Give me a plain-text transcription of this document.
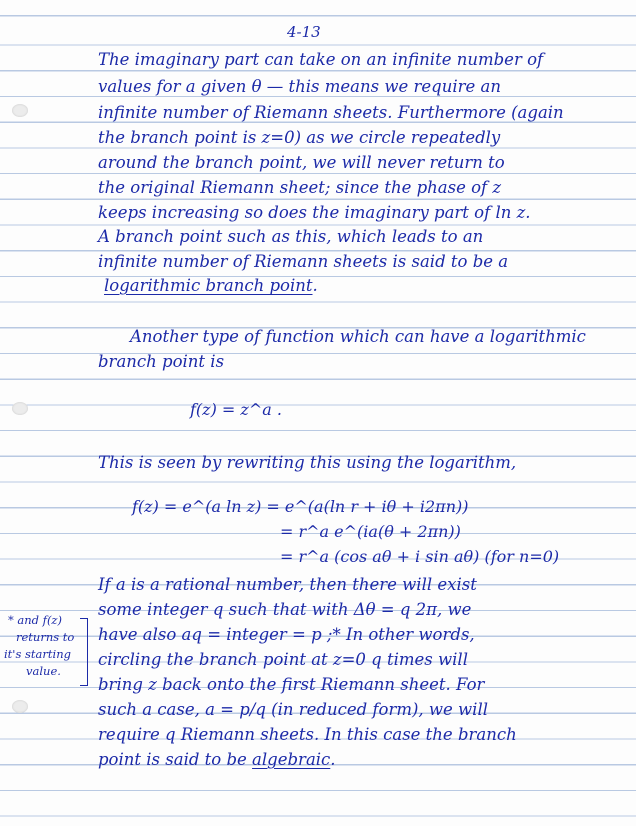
4-13
The imaginary part can take on an infinite number of
values for a given θ — this means we require an
infinite number of Riemann sheets. Furthermore (again
the branch point is z=0) as we circle repeatedly
around the branch point, we will never return to
the original Riemann sheet; since the phase of z
keeps increasing so does the imaginary part of ln z.
A branch point such as this, which leads to an
infinite number of Riemann sheets is said to be a
logarithmic branch point.
Another type of function which can have a logarithmic
branch point is
f(z) = z^a .
This is seen by rewriting this using the logarithm,
f(z) = e^(a ln z) = e^(a(ln r + iθ + i2πn))
= r^a e^(ia(θ + 2πn))
= r^a (cos aθ + i sin aθ) (for n=0)
If a is a rational number, then there will exist
some integer q such that with Δθ = q 2π, we
have also aq = integer = p ;* In other words,
circling the branch point at z=0 q times will
bring z back onto the first Riemann sheet. For
such a case, a = p/q (in reduced form), we will
require q Riemann sheets. In this case the branch
point is said to be algebraic.
* and f(z)
returns to
it's starting
value.
